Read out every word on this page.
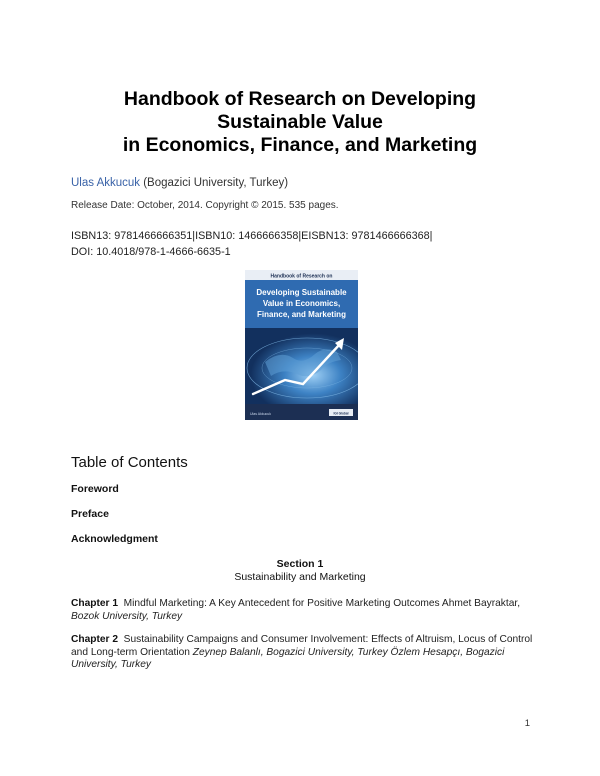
Handbook of Research on Developing
Sustainable Value
in Economics, Finance, and Marketing
Ulas Akkucuk (Bogazici University, Turkey)
Release Date: October, 2014. Copyright © 2015. 535 pages.
ISBN13: 9781466666351|ISBN10: 1466666358|EISBN13: 9781466666368|
DOI: 10.4018/978-1-4666-6635-1
Handbook of Research on
Developing Sustainable
Value in Economics,
Finance, and Marketing
Ulas Akkucuk	IGI Global
Table of Contents
Foreword
Preface
Acknowledgment
Section 1
Sustainability and Marketing
Chapter 1 Mindful Marketing: A Key Antecedent for Positive Marketing Outcomes Ahmet Bayraktar, Bozok University, Turkey
Chapter 2 Sustainability Campaigns and Consumer Involvement: Effects of Altruism, Locus of Control and Long-term Orientation Zeynep Balanlı, Bogazici University, Turkey Özlem Hesapçı, Bogazici University, Turkey
1
